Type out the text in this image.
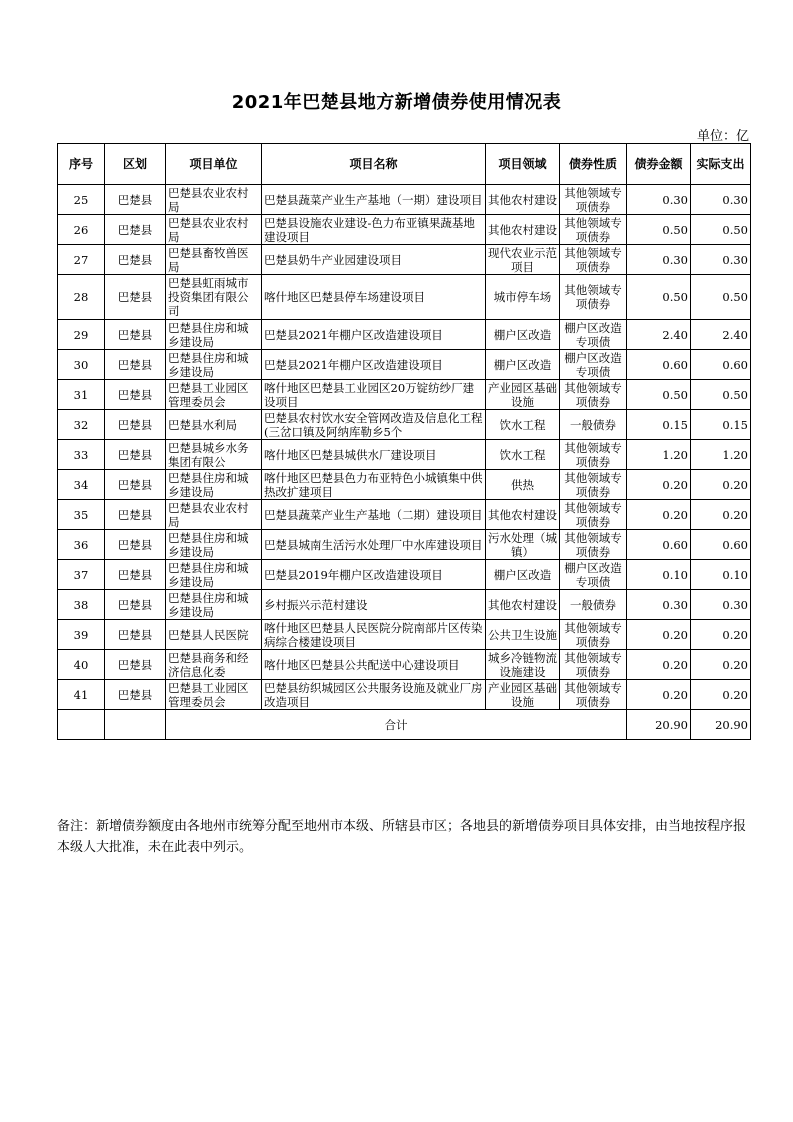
2021年巴楚县地方新增债券使用情况表
单位：亿
序号	区划	项目单位	项目名称	项目领域	债券性质	债券金额	实际支出
25	巴楚县	巴楚县农业农村局	巴楚县蔬菜产业生产基地（一期）建设项目	其他农村建设	其他领域专项债券	0.30	0.30
26	巴楚县	巴楚县农业农村局	巴楚县设施农业建设-色力布亚镇果蔬基地建设项目	其他农村建设	其他领域专项债券	0.50	0.50
27	巴楚县	巴楚县畜牧兽医局	巴楚县奶牛产业园建设项目	现代农业示范项目	其他领域专项债券	0.30	0.30
28	巴楚县	巴楚县虹雨城市投资集团有限公司	喀什地区巴楚县停车场建设项目	城市停车场	其他领域专项债券	0.50	0.50
29	巴楚县	巴楚县住房和城乡建设局	巴楚县2021年棚户区改造建设项目	棚户区改造	棚户区改造专项债	2.40	2.40
30	巴楚县	巴楚县住房和城乡建设局	巴楚县2021年棚户区改造建设项目	棚户区改造	棚户区改造专项债	0.60	0.60
31	巴楚县	巴楚县工业园区管理委员会	喀什地区巴楚县工业园区20万锭纺纱厂建设项目	产业园区基础设施	其他领域专项债券	0.50	0.50
32	巴楚县	巴楚县水利局	巴楚县农村饮水安全管网改造及信息化工程(三岔口镇及阿纳库勒乡5个	饮水工程	一般债券	0.15	0.15
33	巴楚县	巴楚县城乡水务集团有限公	喀什地区巴楚县城供水厂建设项目	饮水工程	其他领域专项债券	1.20	1.20
34	巴楚县	巴楚县住房和城乡建设局	喀什地区巴楚县色力布亚特色小城镇集中供热改扩建项目	供热	其他领域专项债券	0.20	0.20
35	巴楚县	巴楚县农业农村局	巴楚县蔬菜产业生产基地（二期）建设项目	其他农村建设	其他领域专项债券	0.20	0.20
36	巴楚县	巴楚县住房和城乡建设局	巴楚县城南生活污水处理厂中水库建设项目	污水处理（城镇）	其他领域专项债券	0.60	0.60
37	巴楚县	巴楚县住房和城乡建设局	巴楚县2019年棚户区改造建设项目	棚户区改造	棚户区改造专项债	0.10	0.10
38	巴楚县	巴楚县住房和城乡建设局	乡村振兴示范村建设	其他农村建设	一般债券	0.30	0.30
39	巴楚县	巴楚县人民医院	喀什地区巴楚县人民医院分院南部片区传染病综合楼建设项目	公共卫生设施	其他领域专项债券	0.20	0.20
40	巴楚县	巴楚县商务和经济信息化委	喀什地区巴楚县公共配送中心建设项目	城乡冷链物流设施建设	其他领域专项债券	0.20	0.20
41	巴楚县	巴楚县工业园区管理委员会	巴楚县纺织城园区公共服务设施及就业厂房改造项目	产业园区基础设施	其他领域专项债券	0.20	0.20
		合计				20.90	20.90
备注：新增债券额度由各地州市统筹分配至地州市本级、所辖县市区；各地县的新增债券项目具体安排，由当地按程序报本级人大批准，未在此表中列示。
